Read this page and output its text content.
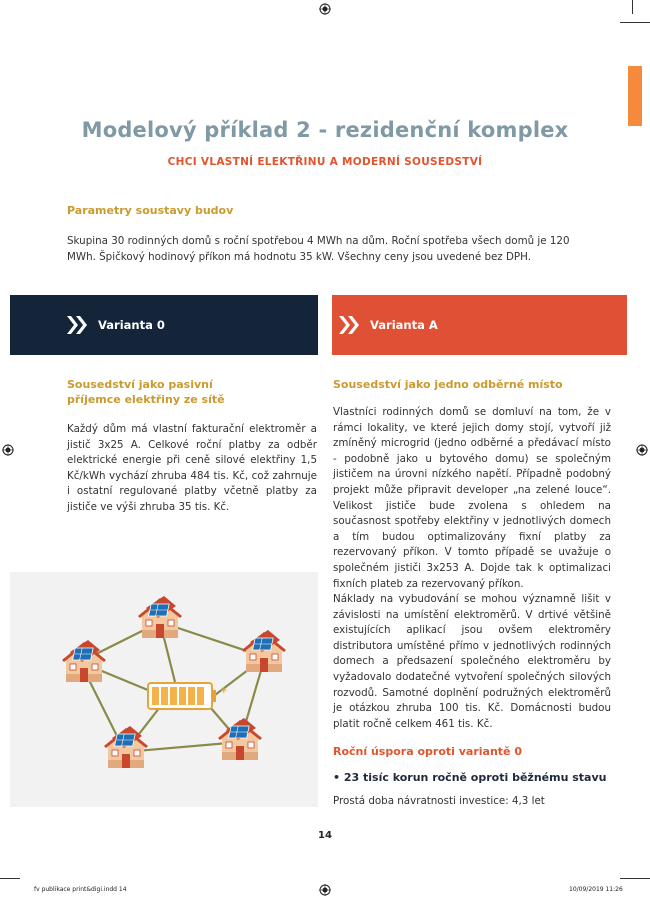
Modelový příklad 2 - rezidenční komplex
CHCI VLASTNÍ ELEKTŘINU A MODERNÍ SOUSEDSTVÍ
Parametry soustavy budov
Skupina 30 rodinných domů s roční spotřebou 4 MWh na dům. Roční spotřeba všech domů je 120 MWh. Špičkový hodinový příkon má hodnotu 35 kW. Všechny ceny jsou uvedené bez DPH.
Varianta 0	Varianta A
Sousedství jako pasivní příjemce elektřiny ze sítě
Každý dům má vlastní fakturační elektroměr a jistič 3x25 A. Celkové roční platby za odběr elektrické energie při ceně silové elektřiny 1,5 Kč/kWh vychází zhruba 484 tis. Kč, což zahrnuje i ostatní regulované platby včetně platby za jističe ve výši zhruba 35 tis. Kč.
+
Sousedství jako jedno odběrné místo
Vlastníci rodinných domů se domluví na tom, že v rámci lokality, ve které jejich domy stojí, vytvoří již zmíněný microgrid (jedno odběrné a předávací místo - podobně jako u bytového domu) se společným jističem na úrovni nízkého napětí. Případně podobný projekt může připravit developer „na zelené louce“. Velikost jističe bude zvolena s ohledem na současnost spotřeby elektřiny v jednotlivých domech a tím budou optimalizovány fixní platby za rezervovaný příkon. V tomto případě se uvažuje o společném jističi 3x253 A. Dojde tak k optimalizaci fixních plateb za rezervovaný příkon.
Náklady na vybudování se mohou významně lišit v závislosti na umístění elektroměrů. V drtivé většině existujících aplikací jsou ovšem elektroměry distributora umístěné přímo v jednotlivých rodinných domech a předsazení společného elektroměru by vyžadovalo dodatečné vytvoření společných silových rozvodů. Samotné doplnění podružných elektroměrů je otázkou zhruba 100 tis. Kč. Domácnosti budou platit ročně celkem 461 tis. Kč.
Roční úspora oproti variantě 0
• 23 tisíc korun ročně oproti běžnému stavu
Prostá doba návratnosti investice: 4,3 let
14
fv publikace print&digi.indd 14	10/09/2019 11:26
